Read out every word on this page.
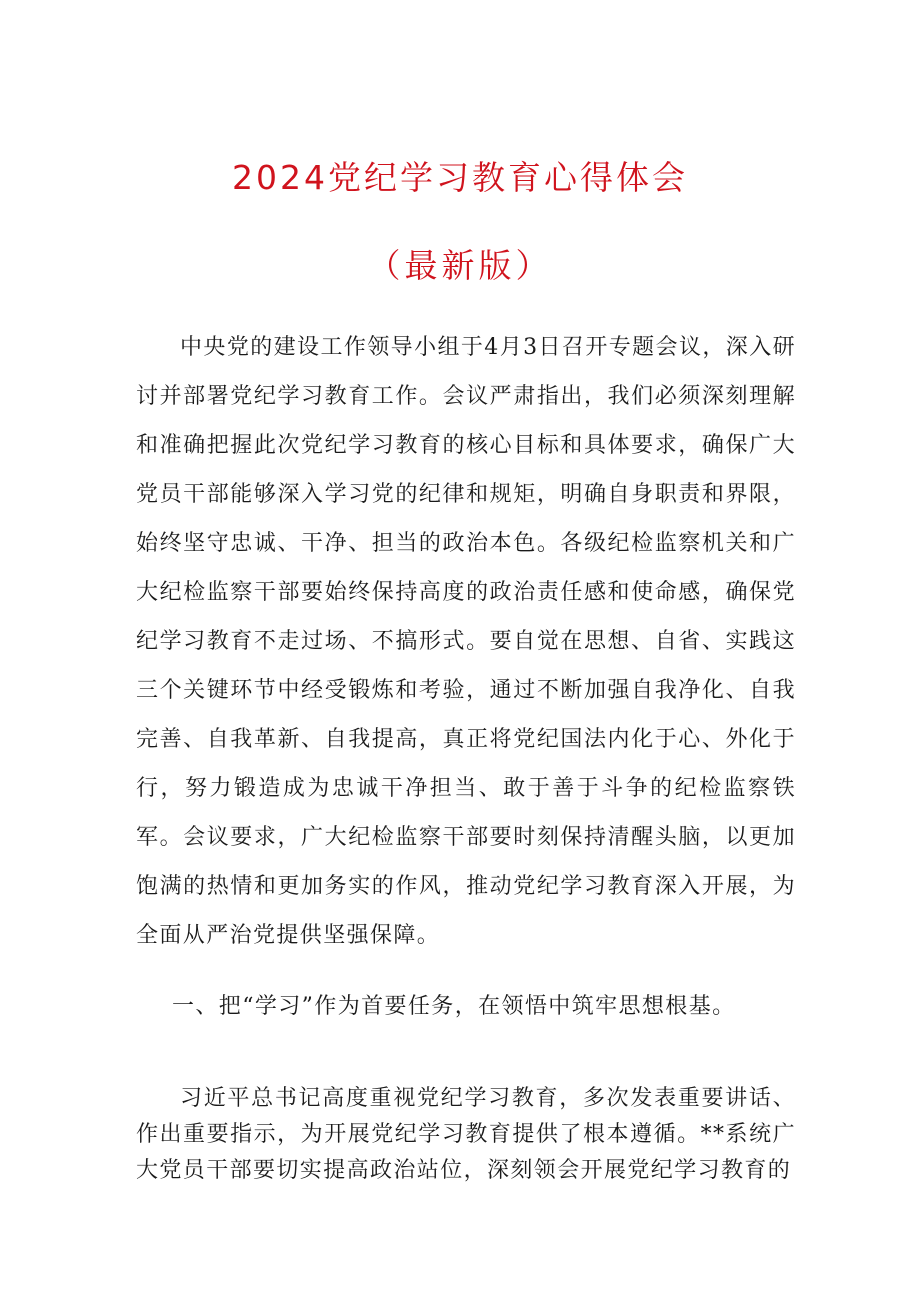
2024党纪学习教育心得体会
（最新版）

中央党的建设工作领导小组于4月3日召开专题会议，深入研讨并部署党纪学习教育工作。会议严肃指出，我们必须深刻理解和准确把握此次党纪学习教育的核心目标和具体要求，确保广大党员干部能够深入学习党的纪律和规矩，明确自身职责和界限，始终坚守忠诚、干净、担当的政治本色。各级纪检监察机关和广大纪检监察干部要始终保持高度的政治责任感和使命感，确保党纪学习教育不走过场、不搞形式。要自觉在思想、自省、实践这三个关键环节中经受锻炼和考验，通过不断加强自我净化、自我完善、自我革新、自我提高，真正将党纪国法内化于心、外化于行，努力锻造成为忠诚干净担当、敢于善于斗争的纪检监察铁军。会议要求，广大纪检监察干部要时刻保持清醒头脑，以更加饱满的热情和更加务实的作风，推动党纪学习教育深入开展，为全面从严治党提供坚强保障。

一、把“学习”作为首要任务，在领悟中筑牢思想根基。

习近平总书记高度重视党纪学习教育，多次发表重要讲话、作出重要指示，为开展党纪学习教育提供了根本遵循。**系统广大党员干部要切实提高政治站位，深刻领会开展党纪学习教育的
